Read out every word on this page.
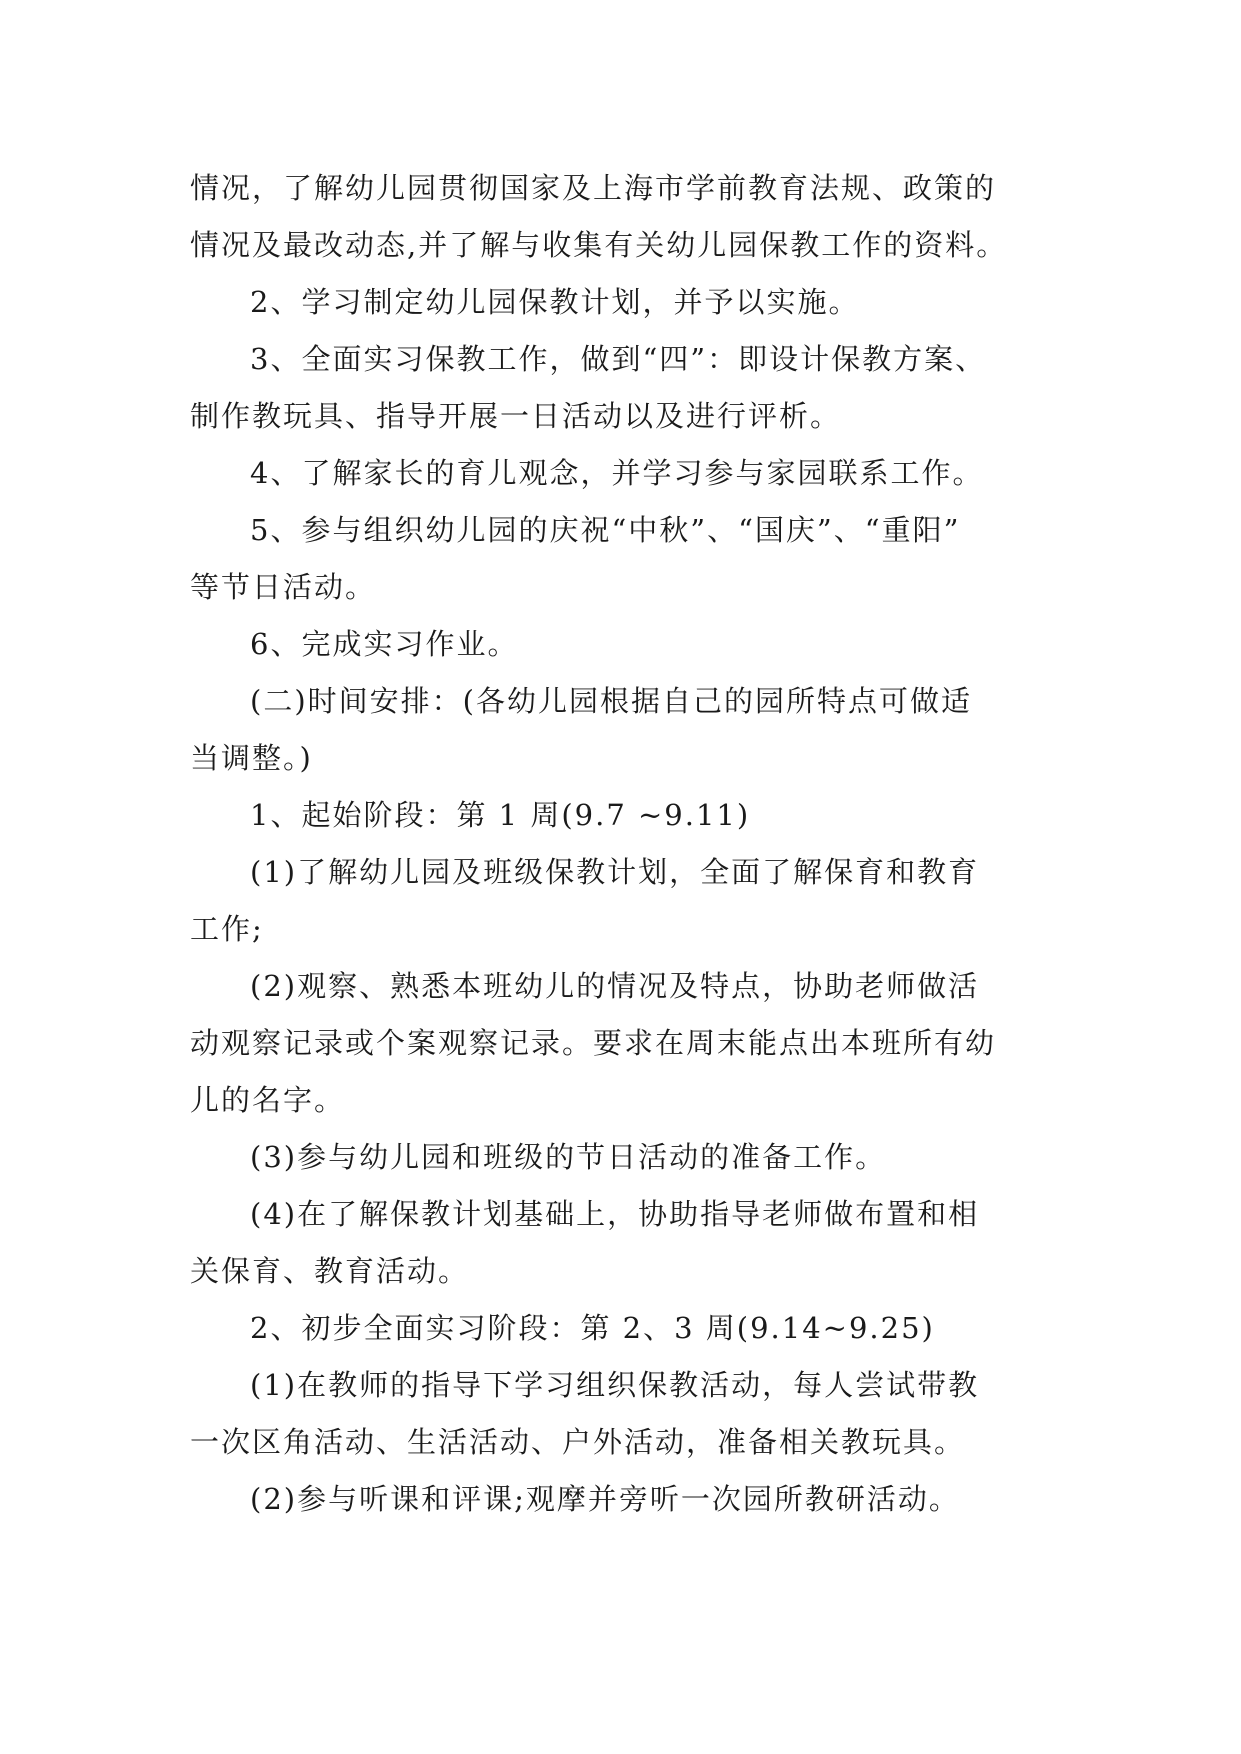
情况，了解幼儿园贯彻国家及上海市学前教育法规、政策的
情况及最改动态,并了解与收集有关幼儿园保教工作的资料。
2、学习制定幼儿园保教计划，并予以实施。
3、全面实习保教工作，做到“四”：即设计保教方案、
制作教玩具、指导开展一日活动以及进行评析。
4、了解家长的育儿观念，并学习参与家园联系工作。
5、参与组织幼儿园的庆祝“中秋”、“国庆”、“重阳”
等节日活动。
6、完成实习作业。
(二)时间安排：(各幼儿园根据自己的园所特点可做适
当调整。)
1、起始阶段：第 1 周(9.7 ~9.11)
(1)了解幼儿园及班级保教计划，全面了解保育和教育
工作;
(2)观察、熟悉本班幼儿的情况及特点，协助老师做活
动观察记录或个案观察记录。要求在周末能点出本班所有幼
儿的名字。
(3)参与幼儿园和班级的节日活动的准备工作。
(4)在了解保教计划基础上，协助指导老师做布置和相
关保育、教育活动。
2、初步全面实习阶段：第 2、3 周(9.14~9.25)
(1)在教师的指导下学习组织保教活动，每人尝试带教
一次区角活动、生活活动、户外活动，准备相关教玩具。
(2)参与听课和评课;观摩并旁听一次园所教研活动。
